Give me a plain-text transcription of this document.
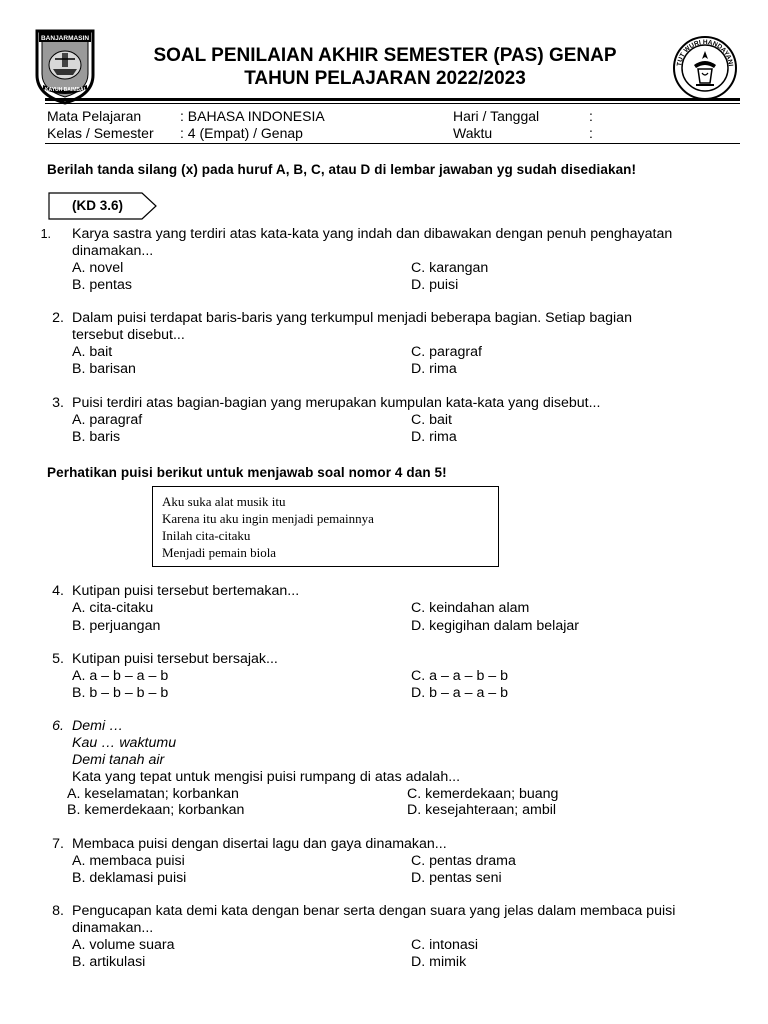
BANJARMASIN
KAYUH BAIMBAI
SOAL PENILAIAN AKHIR SEMESTER (PAS) GENAP
TAHUN PELAJARAN 2022/2023
TUT WURI HANDAYANI
Mata Pelajaran	: BAHASA INDONESIA
Kelas / Semester : 4 (Empat) / Genap
Hari / Tanggal	:
Waktu	:
Berilah tanda silang (x) pada huruf A, B, C, atau D di lembar jawaban yg sudah disediakan!
(KD 3.6)
1. Karya sastra yang terdiri atas kata-kata yang indah dan dibawakan dengan penuh penghayatan
dinamakan...
A. novel
B. pentas
C. karangan
D. puisi
2. Dalam puisi terdapat baris-baris yang terkumpul menjadi beberapa bagian. Setiap bagian
tersebut disebut...
A. bait
B. barisan
C. paragraf
D. rima
3. Puisi terdiri atas bagian-bagian yang merupakan kumpulan kata-kata yang disebut...
A. paragraf
B. baris
C. bait
D. rima
Perhatikan puisi berikut untuk menjawab soal nomor 4 dan 5!
Aku suka alat musik itu
Karena itu aku ingin menjadi pemainnya
Inilah cita-citaku
Menjadi pemain biola
4. Kutipan puisi tersebut bertemakan...
A. cita-citaku
B. perjuangan
C. keindahan alam
D. kegigihan dalam belajar
5. Kutipan puisi tersebut bersajak...
A. a – b – a – b
B. b – b – b – b
C. a – a – b – b
D. b – a – a – b
6. Demi …
Kau … waktumu
Demi tanah air
Kata yang tepat untuk mengisi puisi rumpang di atas adalah...
A. keselamatan; korbankan
B. kemerdekaan; korbankan
C. kemerdekaan; buang
D. kesejahteraan; ambil
7. Membaca puisi dengan disertai lagu dan gaya dinamakan...
A. membaca puisi
B. deklamasi puisi
C. pentas drama
D. pentas seni
8. Pengucapan kata demi kata dengan benar serta dengan suara yang jelas dalam membaca puisi
dinamakan...
A. volume suara
B. artikulasi
C. intonasi
D. mimik
